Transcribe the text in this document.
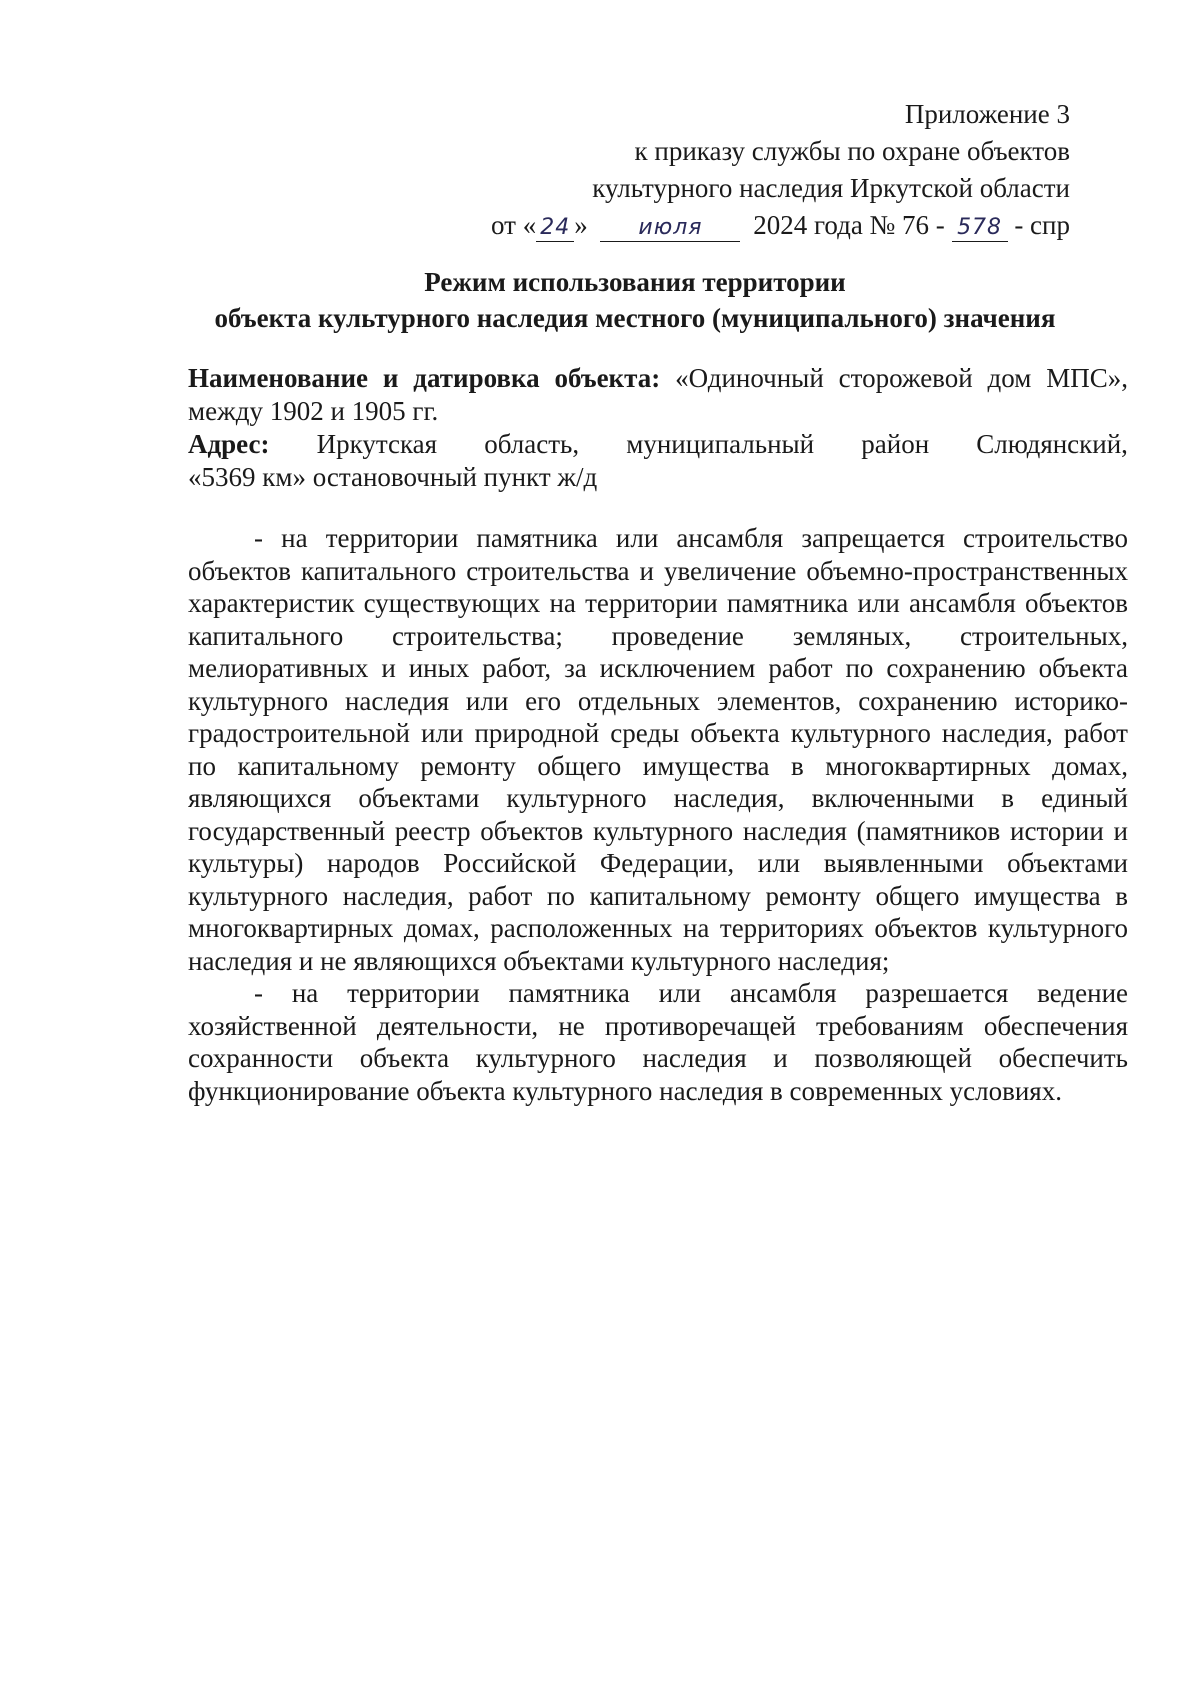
Приложение 3
к приказу службы по охране объектов
культурного наследия Иркутской области
от « 24 » июля 2024 года № 76 - 578 - спр
Режим использования территории
объекта культурного наследия местного (муниципального) значения

Наименование и датировка объекта: «Одиночный сторожевой дом МПС», между 1902 и 1905 гг.

Адрес: Иркутская область, муниципальный район Слюдянский,
«5369 км» остановочный пункт ж/д

- на территории памятника или ансамбля запрещается строительство объектов капитального строительства и увеличение объемно-пространственных характеристик существующих на территории памятника или ансамбля объектов капитального строительства; проведение земляных, строительных, мелиоративных и иных работ, за исключением работ по сохранению объекта культурного наследия или его отдельных элементов, сохранению историко-градостроительной или природной среды объекта культурного наследия, работ по капитальному ремонту общего имущества в многоквартирных домах, являющихся объектами культурного наследия, включенными в единый государственный реестр объектов культурного наследия (памятников истории и культуры) народов Российской Федерации, или выявленными объектами культурного наследия, работ по капитальному ремонту общего имущества в многоквартирных домах, расположенных на территориях объектов культурного наследия и не являющихся объектами культурного наследия;

- на территории памятника или ансамбля разрешается ведение хозяйственной деятельности, не противоречащей требованиям обеспечения сохранности объекта культурного наследия и позволяющей обеспечить функционирование объекта культурного наследия в современных условиях.
